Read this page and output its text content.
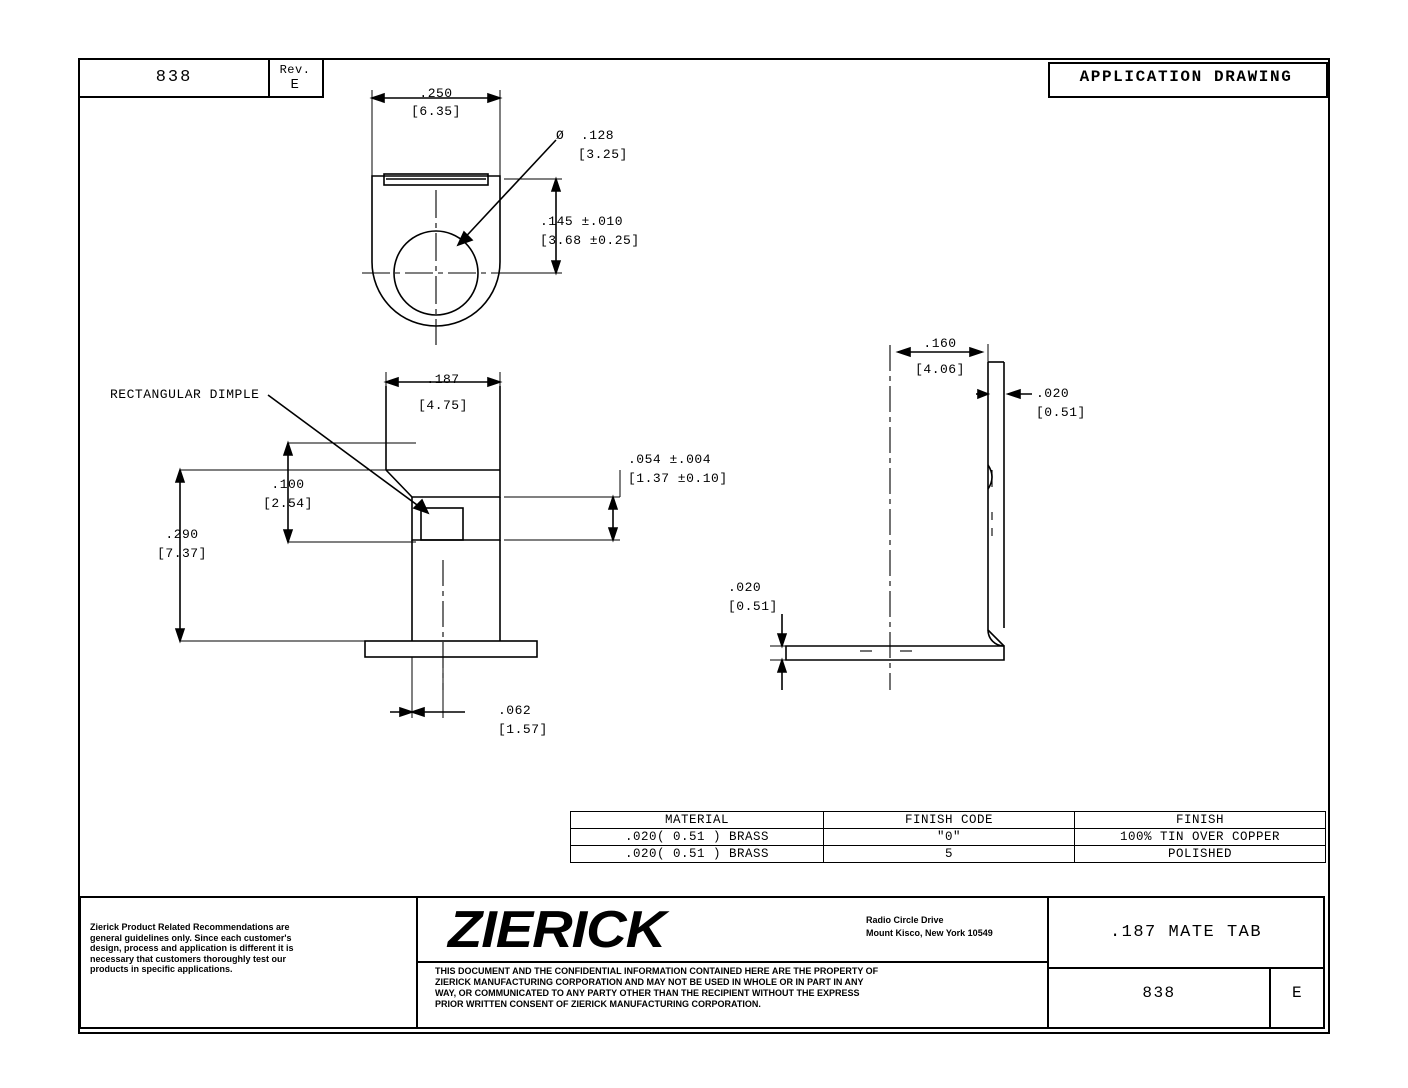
838	Rev.
E	APPLICATION DRAWING
.250
[6.35]
Ø  .128
[3.25]
.145 ±.010
[3.68 ±0.25]
RECTANGULAR DIMPLE
.187
[4.75]
.100
[2.54]
.290
[7.37]
.054 ±.004
[1.37 ±0.10]
.062
[1.57]
.160
[4.06]
.020
[0.51]
.020
[0.51]
MATERIAL	FINISH CODE	FINISH
.020( 0.51 ) BRASS	"0"	100% TIN OVER COPPER
.020( 0.51 ) BRASS	5	POLISHED
Zierick Product Related Recommendations are general guidelines only. Since each customer's design, process and application is different it is necessary that customers thoroughly test our products in specific applications.
ZIERICK	Radio Circle Drive
Mount Kisco, New York 10549
THIS DOCUMENT AND THE CONFIDENTIAL INFORMATION CONTAINED HERE ARE THE PROPERTY OF ZIERICK MANUFACTURING CORPORATION AND MAY NOT BE USED IN WHOLE OR IN PART IN ANY WAY, OR COMMUNICATED TO ANY PARTY OTHER THAN THE RECIPIENT WITHOUT THE EXPRESS PRIOR WRITTEN CONSENT OF ZIERICK MANUFACTURING CORPORATION.
.187 MATE TAB
838	E
